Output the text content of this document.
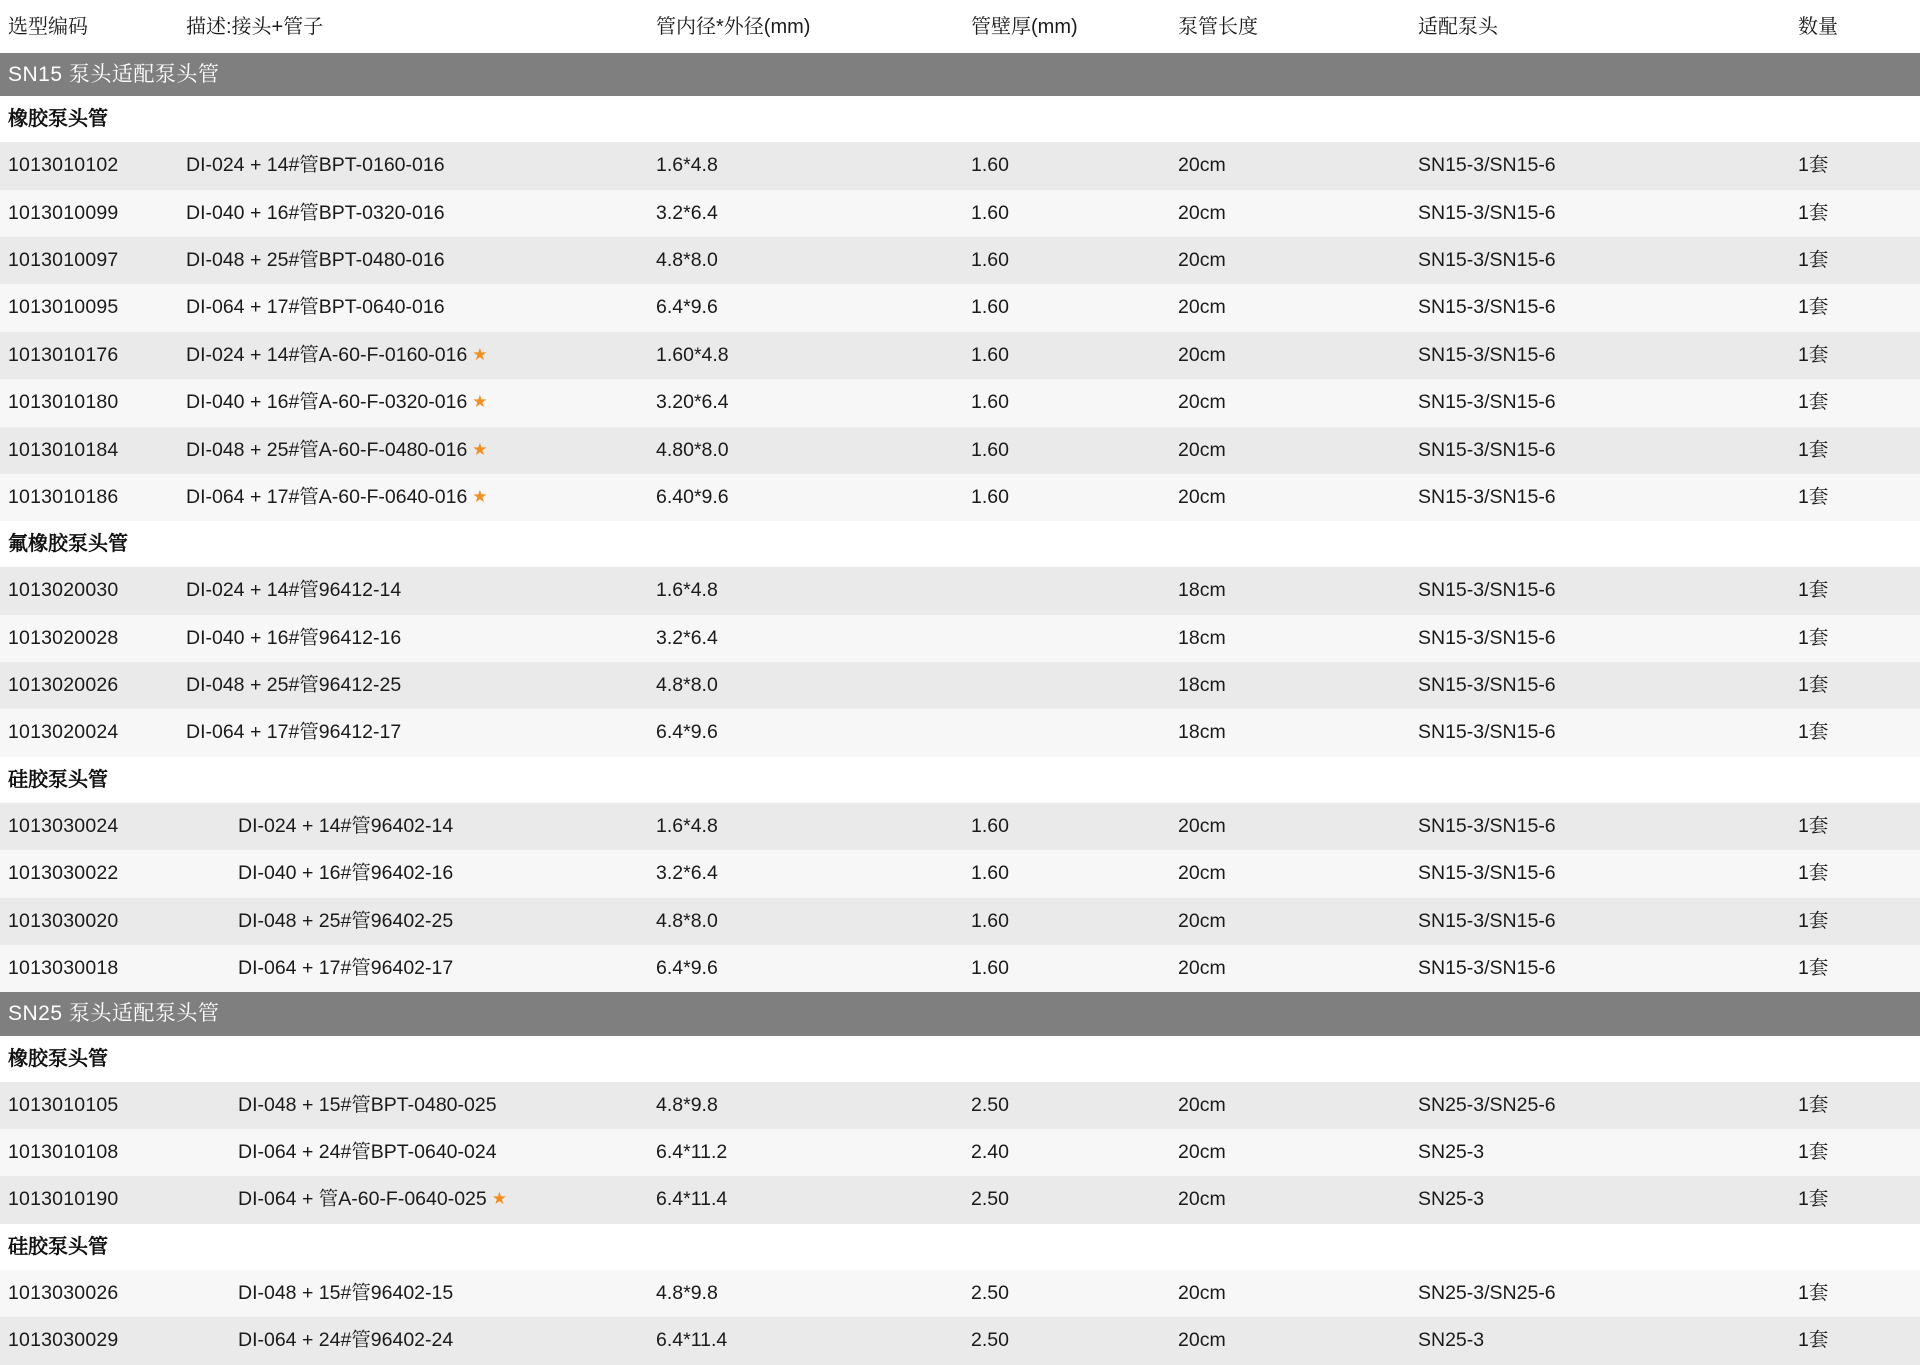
选型编码	描述:接头+管子	管内径*外径(mm)	管壁厚(mm)	泵管长度	适配泵头	数量
SN15 泵头适配泵头管						
橡胶泵头管						
1013010102	DI-024 + 14#管BPT-0160-016	1.6*4.8	1.60	20cm	SN15-3/SN15-6	1套
1013010099	DI-040 + 16#管BPT-0320-016	3.2*6.4	1.60	20cm	SN15-3/SN15-6	1套
1013010097	DI-048 + 25#管BPT-0480-016	4.8*8.0	1.60	20cm	SN15-3/SN15-6	1套
1013010095	DI-064 + 17#管BPT-0640-016	6.4*9.6	1.60	20cm	SN15-3/SN15-6	1套
1013010176	DI-024 + 14#管A-60-F-0160-016 ★	1.60*4.8	1.60	20cm	SN15-3/SN15-6	1套
1013010180	DI-040 + 16#管A-60-F-0320-016 ★	3.20*6.4	1.60	20cm	SN15-3/SN15-6	1套
1013010184	DI-048 + 25#管A-60-F-0480-016 ★	4.80*8.0	1.60	20cm	SN15-3/SN15-6	1套
1013010186	DI-064 + 17#管A-60-F-0640-016 ★	6.40*9.6	1.60	20cm	SN15-3/SN15-6	1套
氟橡胶泵头管						
1013020030	DI-024 + 14#管96412-14	1.6*4.8		18cm	SN15-3/SN15-6	1套
1013020028	DI-040 + 16#管96412-16	3.2*6.4		18cm	SN15-3/SN15-6	1套
1013020026	DI-048 + 25#管96412-25	4.8*8.0		18cm	SN15-3/SN15-6	1套
1013020024	DI-064 + 17#管96412-17	6.4*9.6		18cm	SN15-3/SN15-6	1套
硅胶泵头管						
1013030024	DI-024 + 14#管96402-14	1.6*4.8	1.60	20cm	SN15-3/SN15-6	1套
1013030022	DI-040 + 16#管96402-16	3.2*6.4	1.60	20cm	SN15-3/SN15-6	1套
1013030020	DI-048 + 25#管96402-25	4.8*8.0	1.60	20cm	SN15-3/SN15-6	1套
1013030018	DI-064 + 17#管96402-17	6.4*9.6	1.60	20cm	SN15-3/SN15-6	1套
SN25 泵头适配泵头管						
橡胶泵头管						
1013010105	DI-048 + 15#管BPT-0480-025	4.8*9.8	2.50	20cm	SN25-3/SN25-6	1套
1013010108	DI-064 + 24#管BPT-0640-024	6.4*11.2	2.40	20cm	SN25-3	1套
1013010190	DI-064 + 管A-60-F-0640-025 ★	6.4*11.4	2.50	20cm	SN25-3	1套
硅胶泵头管						
1013030026	DI-048 + 15#管96402-15	4.8*9.8	2.50	20cm	SN25-3/SN25-6	1套
1013030029	DI-064 + 24#管96402-24	6.4*11.4	2.50	20cm	SN25-3	1套
